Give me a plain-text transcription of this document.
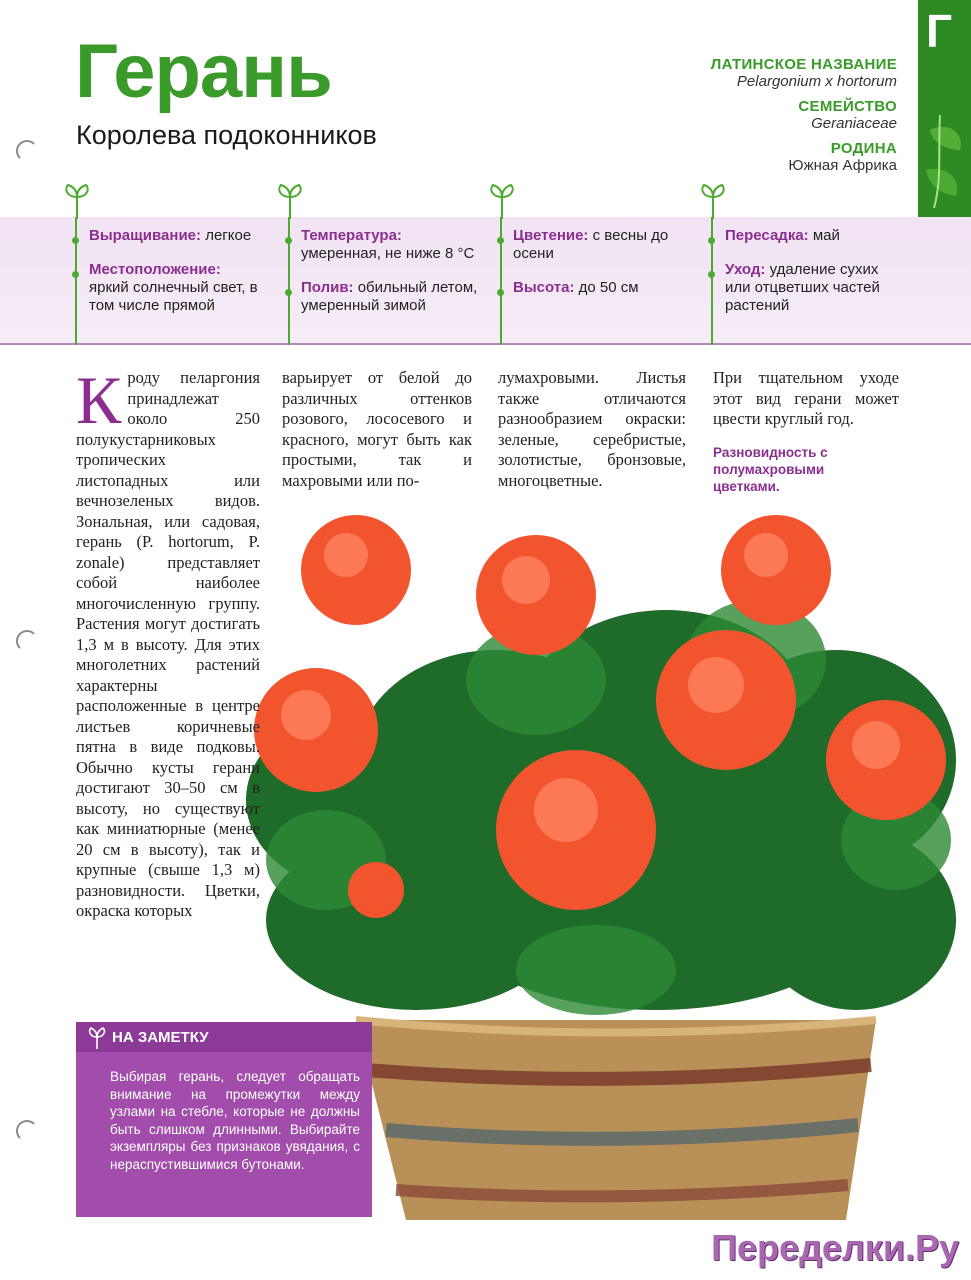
Герань
Королева подоконников
ЛАТИНСКОЕ НАЗВАНИЕ
Pelargonium x hortorum
СЕМЕЙСТВО
Geraniaceae
РОДИНА
Южная Африка
Г
Выращивание: легкое
Местоположение:
яркий солнечный свет, в том числе прямой
Температура:
умеренная, не ниже 8 °С
Полив: обильный летом, умеренный зимой
Цветение: с весны до осени
Высота: до 50 см
Пересадка: май
Уход: удаление сухих или отцветших частей растений
Кроду пеларгония принадлежат около 250 полукустарниковых тропических листопадных или вечнозеленых видов. Зональная, или садовая, герань (P. hortorum, P. zonale) представляет собой наиболее многочисленную группу. Растения могут достигать 1,3 м в высоту. Для этих многолетних растений характерны расположенные в центре листьев коричневые пятна в виде подковы. Обычно кусты герани достигают 30–50 см в высоту, но существуют как миниатюрные (менее 20 см в высоту), так и крупные (свыше 1,3 м) разновидности. Цветки, окраска которых
варьирует от белой до различных оттенков розового, лососевого и красного, могут быть как простыми, так и махровыми или по-
лумахровыми. Листья также отличаются разнообразием окраски: зеленые, серебристые, золотистые, бронзовые, многоцветные.
При тщательном уходе этот вид герани может цвести круглый год.
Разновидность с полумахровыми цветками.
НА ЗАМЕТКУ
Выбирая герань, следует обращать внимание на промежутки между узлами на стебле, которые не должны быть слишком длинными. Выбирайте экземпляры без признаков увядания, с нераспустившимися бутонами.
Переделки.Ру
